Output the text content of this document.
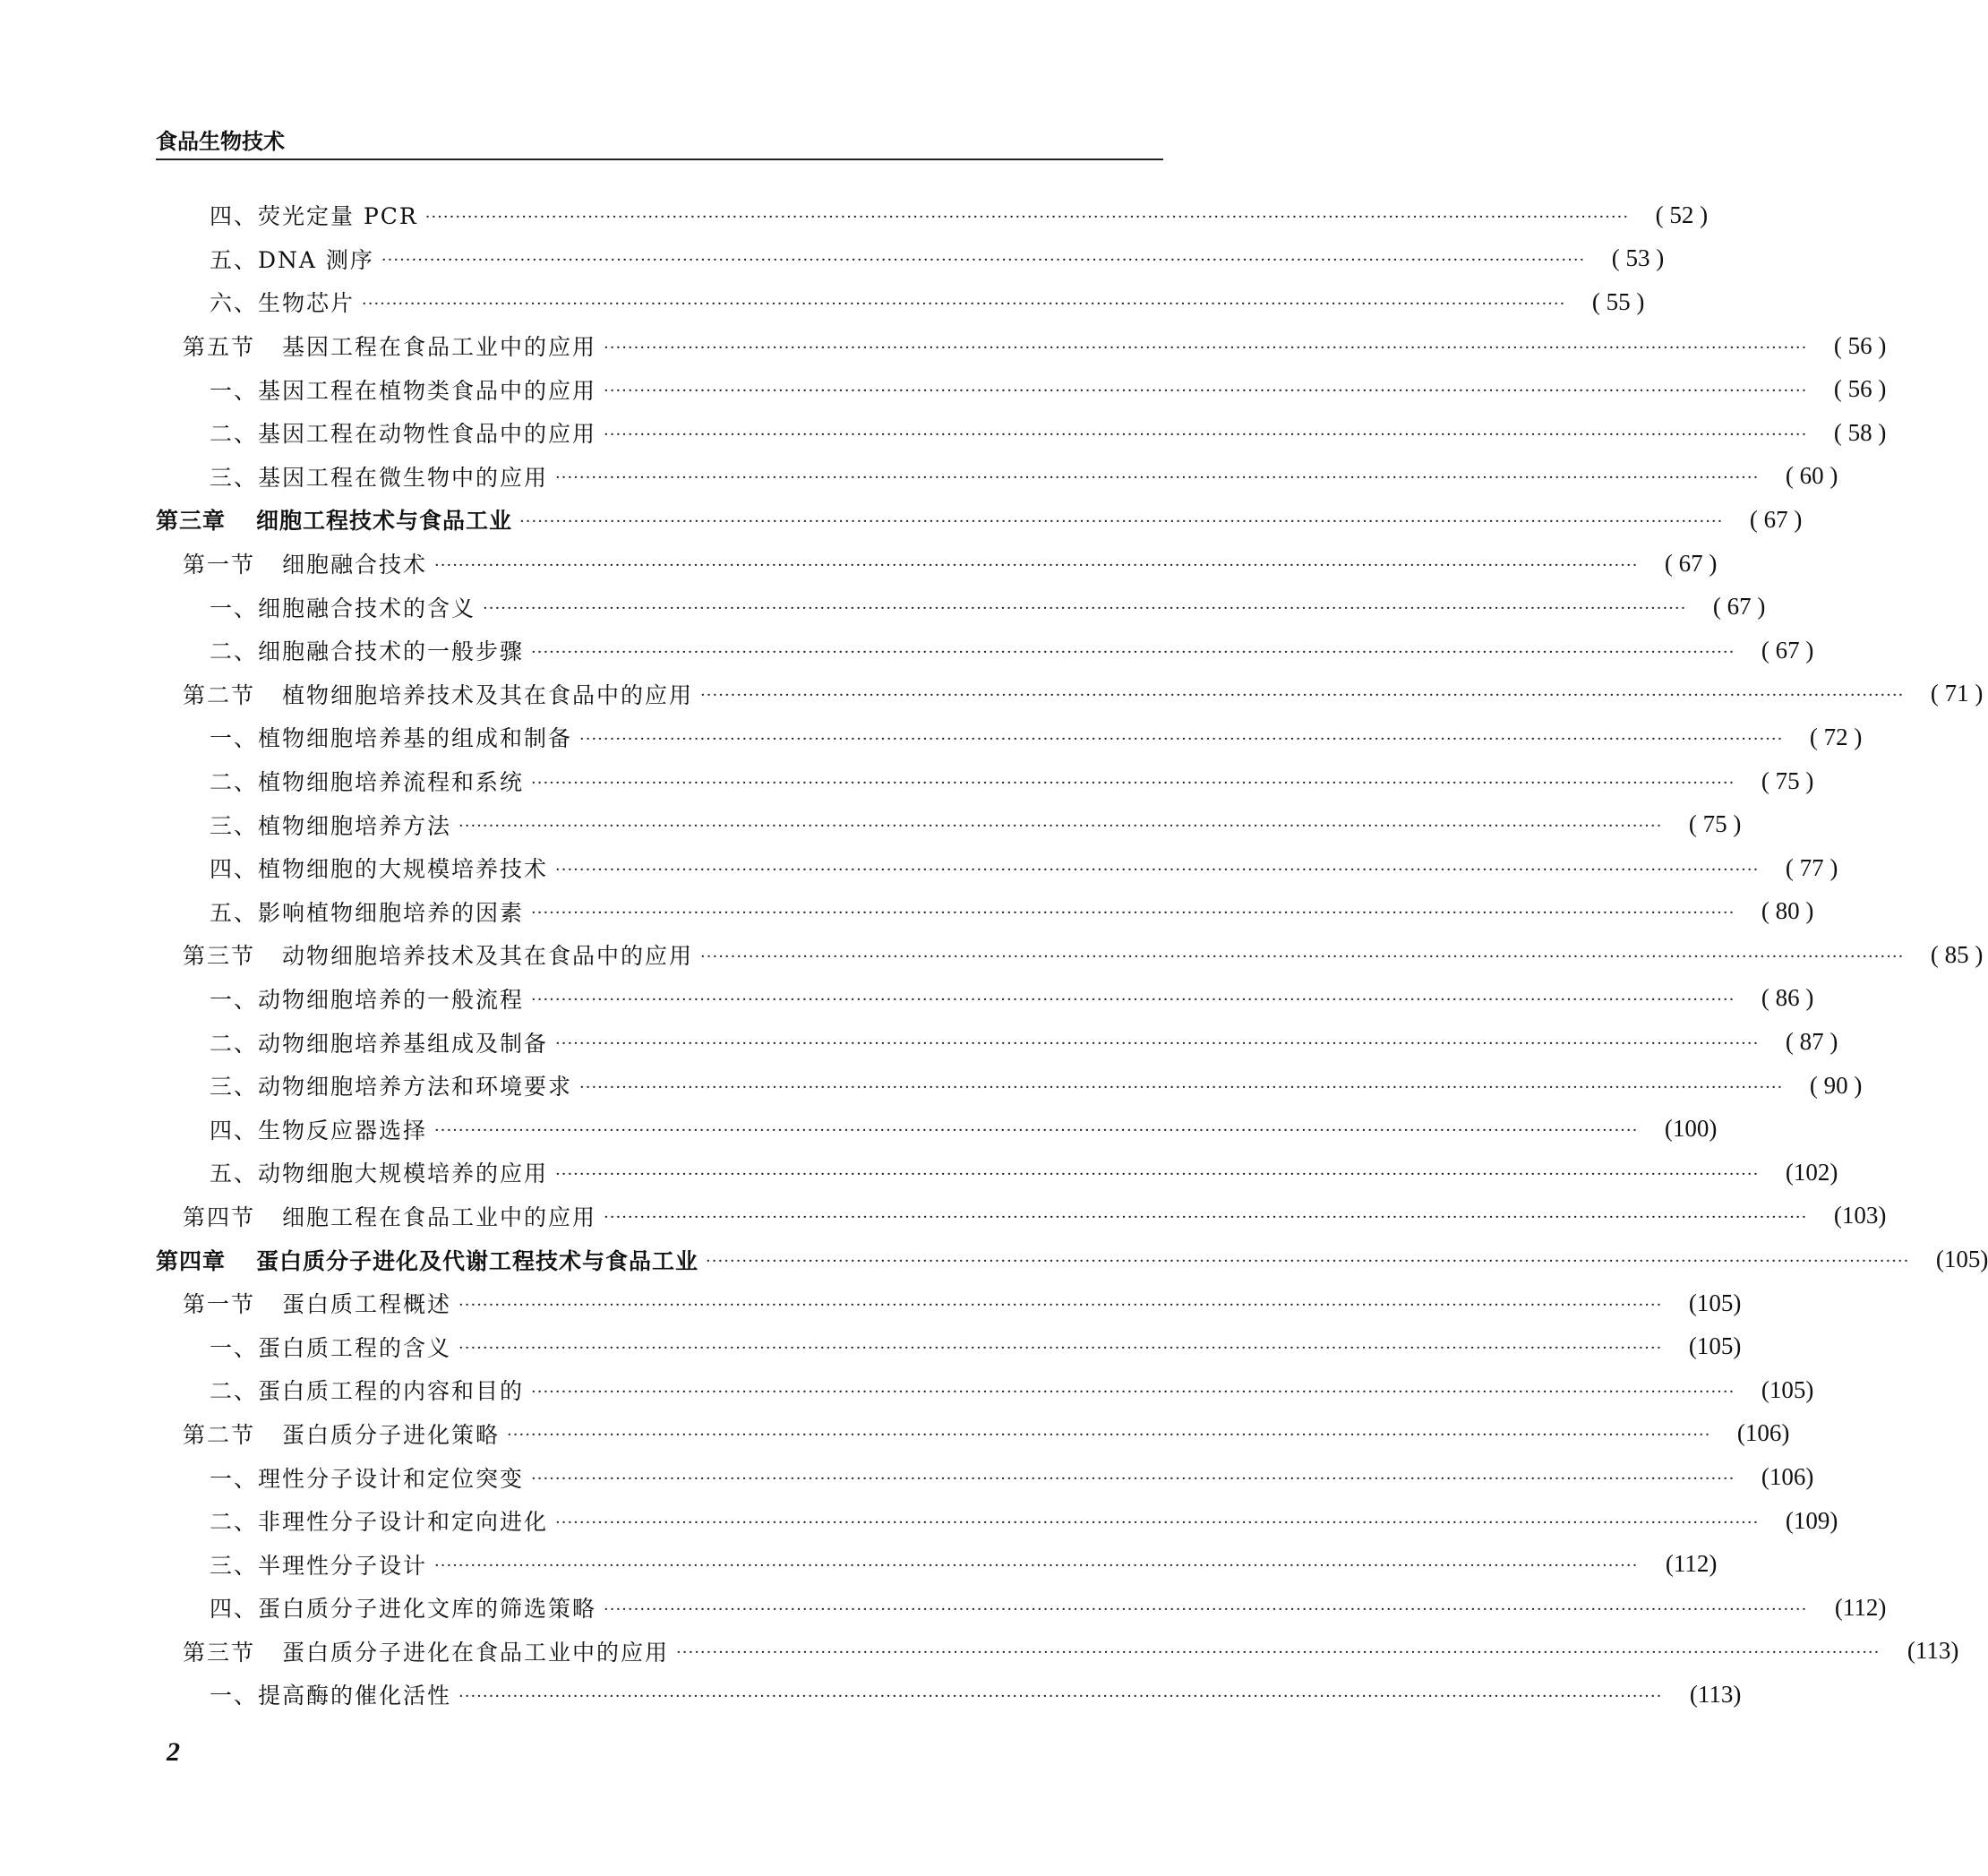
食品生物技术
四、荧光定量 PCR ········································································································································································································	( 52 )
五、DNA 测序 ········································································································································································································	( 53 )
六、生物芯片 ········································································································································································································	( 55 )
第五节 基因工程在食品工业中的应用 ········································································································································································································	( 56 )
一、基因工程在植物类食品中的应用 ········································································································································································································	( 56 )
二、基因工程在动物性食品中的应用 ········································································································································································································	( 58 )
三、基因工程在微生物中的应用 ········································································································································································································	( 60 )
第三章 细胞工程技术与食品工业 ········································································································································································································	( 67 )
第一节 细胞融合技术 ········································································································································································································	( 67 )
一、细胞融合技术的含义 ········································································································································································································	( 67 )
二、细胞融合技术的一般步骤 ········································································································································································································	( 67 )
第二节 植物细胞培养技术及其在食品中的应用 ········································································································································································································	( 71 )
一、植物细胞培养基的组成和制备 ········································································································································································································	( 72 )
二、植物细胞培养流程和系统 ········································································································································································································	( 75 )
三、植物细胞培养方法 ········································································································································································································	( 75 )
四、植物细胞的大规模培养技术 ········································································································································································································	( 77 )
五、影响植物细胞培养的因素 ········································································································································································································	( 80 )
第三节 动物细胞培养技术及其在食品中的应用 ········································································································································································································	( 85 )
一、动物细胞培养的一般流程 ········································································································································································································	( 86 )
二、动物细胞培养基组成及制备 ········································································································································································································	( 87 )
三、动物细胞培养方法和环境要求 ········································································································································································································	( 90 )
四、生物反应器选择 ········································································································································································································	(100)
五、动物细胞大规模培养的应用 ········································································································································································································	(102)
第四节 细胞工程在食品工业中的应用 ········································································································································································································	(103)
第四章 蛋白质分子进化及代谢工程技术与食品工业 ········································································································································································································	(105)
第一节 蛋白质工程概述 ········································································································································································································	(105)
一、蛋白质工程的含义 ········································································································································································································	(105)
二、蛋白质工程的内容和目的 ········································································································································································································	(105)
第二节 蛋白质分子进化策略 ········································································································································································································	(106)
一、理性分子设计和定位突变 ········································································································································································································	(106)
二、非理性分子设计和定向进化 ········································································································································································································	(109)
三、半理性分子设计 ········································································································································································································	(112)
四、蛋白质分子进化文库的筛选策略 ········································································································································································································	(112)
第三节 蛋白质分子进化在食品工业中的应用 ········································································································································································································	(113)
一、提高酶的催化活性 ········································································································································································································	(113)
2
